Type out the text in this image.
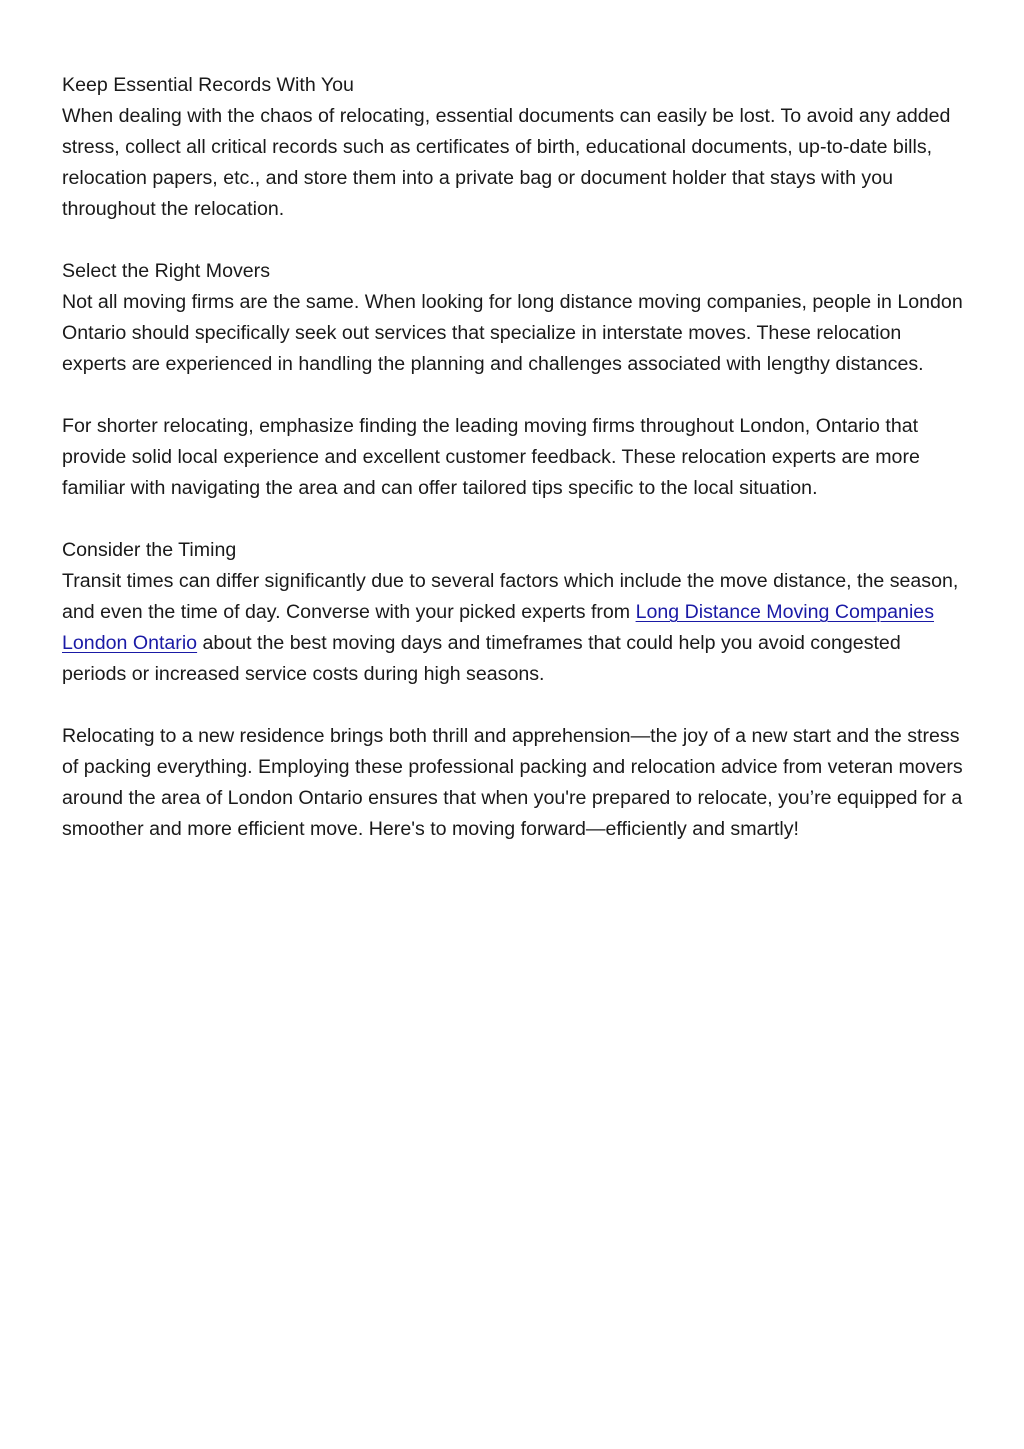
Keep Essential Records With You

When dealing with the chaos of relocating, essential documents can easily be lost. To avoid any added stress, collect all critical records such as certificates of birth, educational documents, up-to-date bills, relocation papers, etc., and store them into a private bag or document holder that stays with you throughout the relocation.

Select the Right Movers

Not all moving firms are the same. When looking for long distance moving companies, people in London Ontario should specifically seek out services that specialize in interstate moves. These relocation experts are experienced in handling the planning and challenges associated with lengthy distances.

For shorter relocating, emphasize finding the leading moving firms throughout London, Ontario that provide solid local experience and excellent customer feedback. These relocation experts are more familiar with navigating the area and can offer tailored tips specific to the local situation.

Consider the Timing

Transit times can differ significantly due to several factors which include the move distance, the season, and even the time of day. Converse with your picked experts from Long Distance Moving Companies London Ontario about the best moving days and timeframes that could help you avoid congested periods or increased service costs during high seasons.

Relocating to a new residence brings both thrill and apprehension—the joy of a new start and the stress of packing everything. Employing these professional packing and relocation advice from veteran movers around the area of London Ontario ensures that when you're prepared to relocate, you’re equipped for a smoother and more efficient move. Here's to moving forward—efficiently and smartly!
